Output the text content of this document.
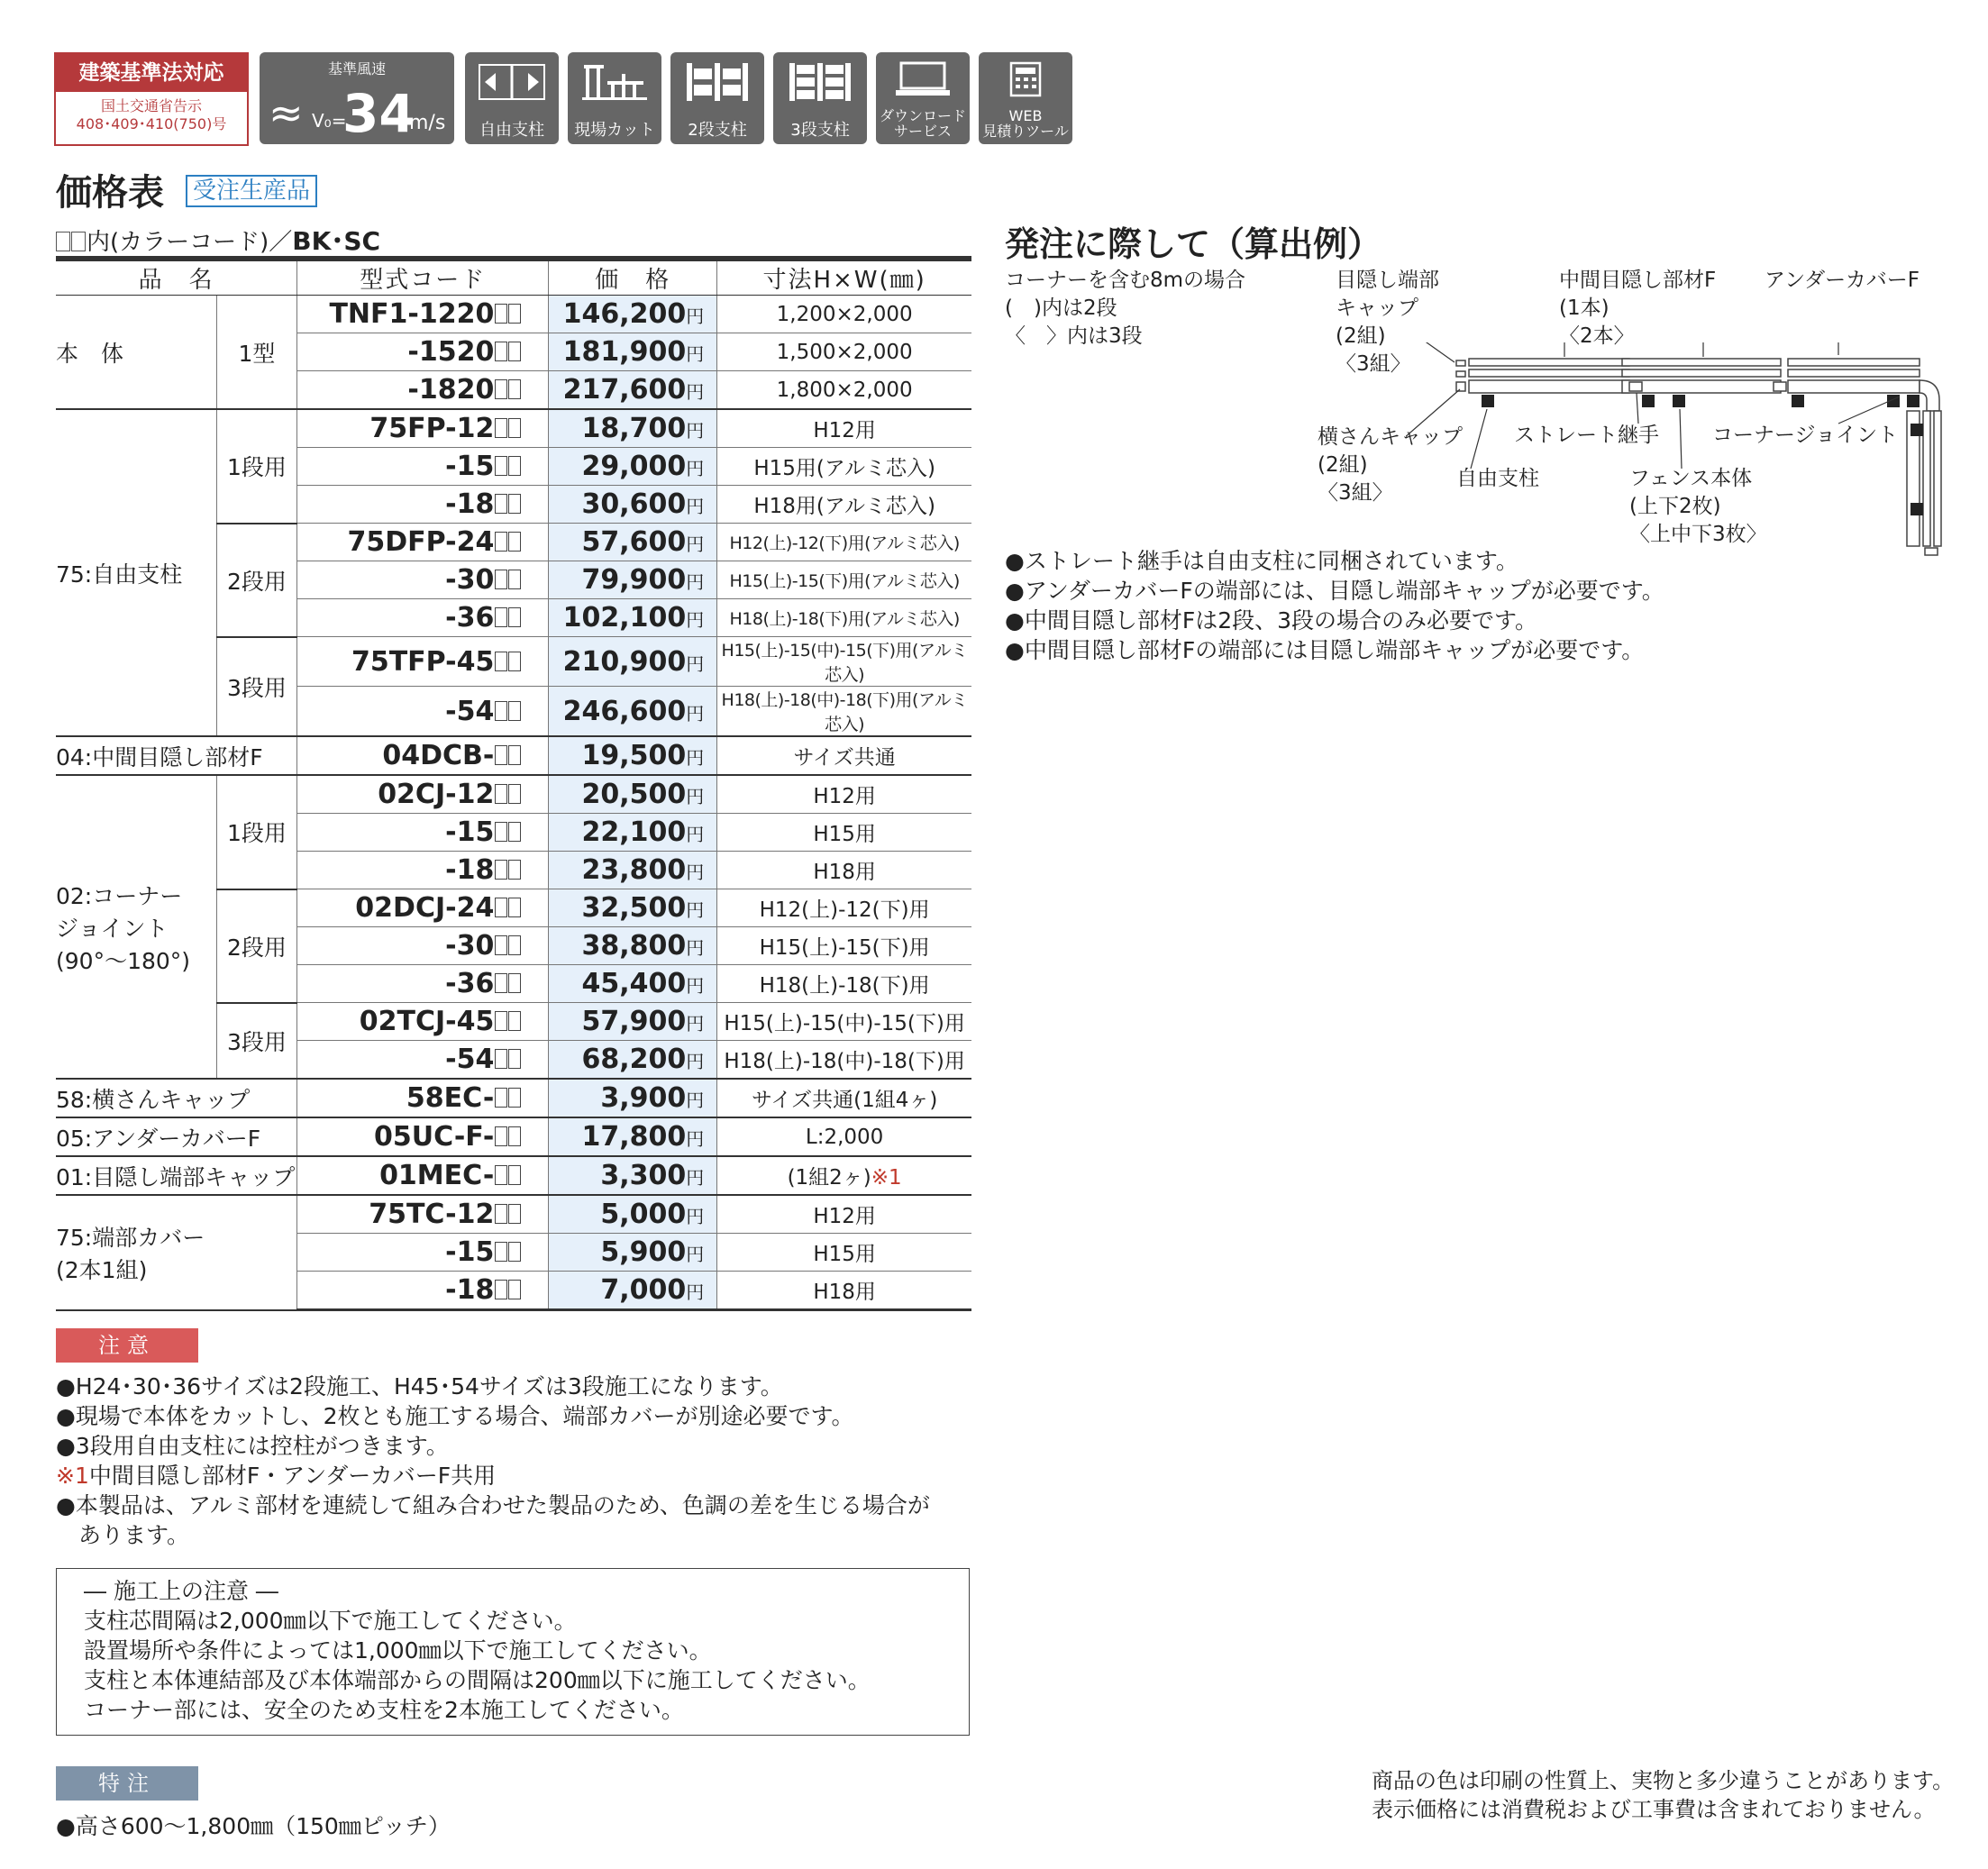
建築基準法対応
国土交通省告示
408･409･410(750)号
基準風速
≈ V₀=
34
m/s	自由支柱	現場カット	2段支柱	3段支柱
ダウンロード
サービス
WEB
見積りツール
価格表	受注生産品
内(カラーコード)／BK･SC
品　名		型式コード	価　格	寸法H×W(㎜)
本　体	1型	TNF1-1220	146,200円	1,200×2,000
		-1520	181,900円	1,500×2,000
		-1820	217,600円	1,800×2,000
75:自由支柱	1段用	75FP-12	18,700円	H12用
		-15	29,000円	H15用(アルミ芯入)
		-18	30,600円	H18用(アルミ芯入)
	2段用	75DFP-24	57,600円	H12(上)-12(下)用(アルミ芯入)
		-30	79,900円	H15(上)-15(下)用(アルミ芯入)
		-36	102,100円	H18(上)-18(下)用(アルミ芯入)
	3段用	75TFP-45	210,900円	H15(上)-15(中)-15(下)用(アルミ芯入)
		-54	246,600円	H18(上)-18(中)-18(下)用(アルミ芯入)
04:中間目隠し部材F		04DCB-	19,500円	サイズ共通
02:コーナー
ジョイント
(90°～180°)	1段用	02CJ-12	20,500円	H12用
		-15	22,100円	H15用
		-18	23,800円	H18用
	2段用	02DCJ-24	32,500円	H12(上)-12(下)用
		-30	38,800円	H15(上)-15(下)用
		-36	45,400円	H18(上)-18(下)用
	3段用	02TCJ-45	57,900円	H15(上)-15(中)-15(下)用
		-54	68,200円	H18(上)-18(中)-18(下)用
58:横さんキャップ		58EC-	3,900円	サイズ共通(1組4ヶ)
05:アンダーカバーF		05UC-F-	17,800円	L:2,000
01:目隠し端部キャップ		01MEC-	3,300円	(1組2ヶ)※1
75:端部カバー
(2本1組)		75TC-12	5,000円	H12用
		-15	5,900円	H15用
		-18	7,000円	H18用
注意
●H24･30･36サイズは2段施工、H45･54サイズは3段施工になります。
●現場で本体をカットし、2枚とも施工する場合、端部カバーが別途必要です。
●3段用自由支柱には控柱がつきます。
※1中間目隠し部材F・アンダーカバーF共用
●本製品は、アルミ部材を連続して組み合わせた製品のため、色調の差を生じる場合が
　あります。
― 施工上の注意 ―
支柱芯間隔は2,000㎜以下で施工してください。
設置場所や条件によっては1,000㎜以下で施工してください。
支柱と本体連結部及び本体端部からの間隔は200㎜以下に施工してください。
コーナー部には、安全のため支柱を2本施工してください。
特注
●高さ600～1,800㎜（150㎜ピッチ）
発注に際して（算出例）
コーナーを含む8mの場合
(　)内は2段
〈　〉内は3段
目隠し端部
キャップ
(2組)
〈3組〉
中間目隠し部材F
(1本)
〈2本〉
アンダーカバーF
横さんキャップ
(2組)
〈3組〉
自由支柱
ストレート継手
フェンス本体
(上下2枚)
〈上中下3枚〉
コーナージョイント
●ストレート継手は自由支柱に同梱されています。
●アンダーカバーFの端部には、目隠し端部キャップが必要です。
●中間目隠し部材Fは2段、3段の場合のみ必要です。
●中間目隠し部材Fの端部には目隠し端部キャップが必要です。
商品の色は印刷の性質上、実物と多少違うことがあります。
表示価格には消費税および工事費は含まれておりません。
